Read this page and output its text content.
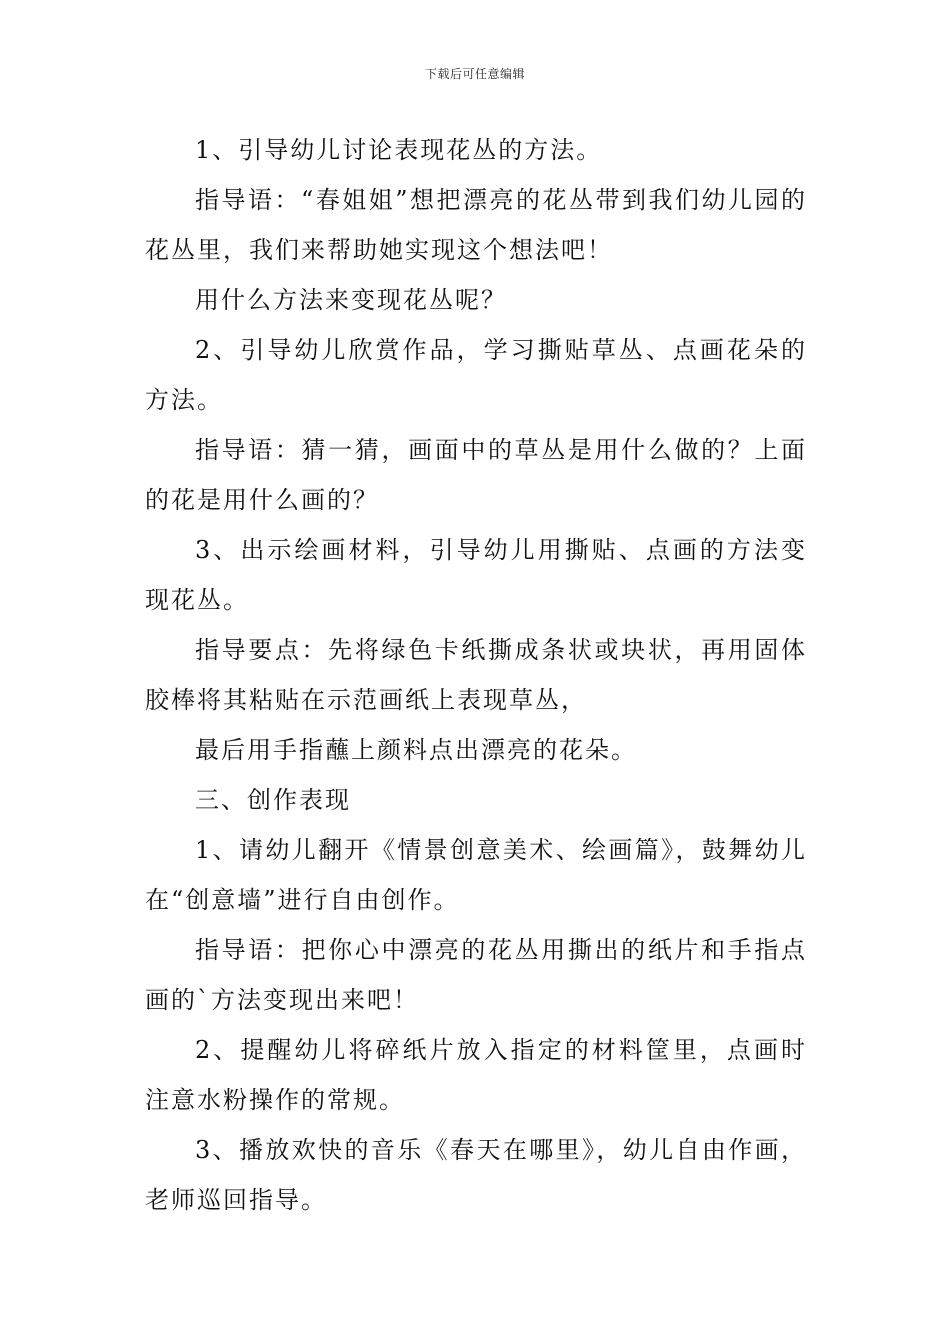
下载后可任意编辑

1、引导幼儿讨论表现花丛的方法。

指导语：“春姐姐”想把漂亮的花丛带到我们幼儿园的花丛里，我们来帮助她实现这个想法吧！

用什么方法来变现花丛呢？

2、引导幼儿欣赏作品，学习撕贴草丛、点画花朵的方法。

指导语：猜一猜，画面中的草丛是用什么做的？上面的花是用什么画的？

3、出示绘画材料，引导幼儿用撕贴、点画的方法变现花丛。

指导要点：先将绿色卡纸撕成条状或块状，再用固体胶棒将其粘贴在示范画纸上表现草丛，

最后用手指蘸上颜料点出漂亮的花朵。

三、创作表现

1、请幼儿翻开《情景创意美术、绘画篇》，鼓舞幼儿在“创意墙”进行自由创作。

指导语：把你心中漂亮的花丛用撕出的纸片和手指点画的`方法变现出来吧！

2、提醒幼儿将碎纸片放入指定的材料筐里，点画时注意水粉操作的常规。

3、播放欢快的音乐《春天在哪里》，幼儿自由作画，老师巡回指导。
